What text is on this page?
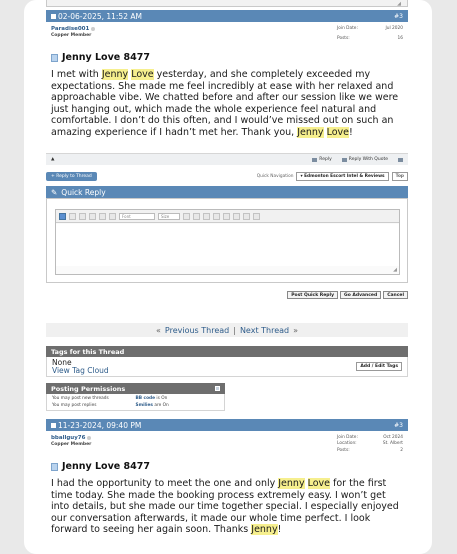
◢
02-06-2025, 11:52 AM	#3
Paradise001
Copper Member
Join Date:	Jul 2020
Posts:	16
Jenny Love 8477
I met with Jenny Love yesterday, and she completely exceeded my expectations. She made me feel incredibly at ease with her relaxed and approachable vibe. We chatted before and after our session like we were just hanging out, which made the whole experience feel natural and comfortable. I don’t do this often, and I would’ve missed out on such an amazing experience if I hadn’t met her. Thank you, Jenny Love!
▲	Reply	Reply With Quote
+ Reply to Thread	Quick Navigation	▾ Edmonton Escort Intel & Reviews	Top
✎ Quick Reply
Font	Size
◢
Post Quick Reply	Go Advanced	Cancel
« Previous Thread | Next Thread »
Tags for this Thread
None
View Tag Cloud	Add / Edit Tags
Posting Permissions
You may post new threads	BB code is On
You may post replies	Smilies are On
11-23-2024, 09:40 PM	#3
bballguy76
Copper Member
Join Date:	Oct 2024
Location:	St. Albert
Posts:	2
Jenny Love 8477
I had the opportunity to meet the one and only Jenny Love for the first time today. She made the booking process extremely easy. I won’t get into details, but she made our time together special. I especially enjoyed our conversation afterwards, it made our whole time perfect. I look forward to seeing her again soon. Thanks Jenny!
